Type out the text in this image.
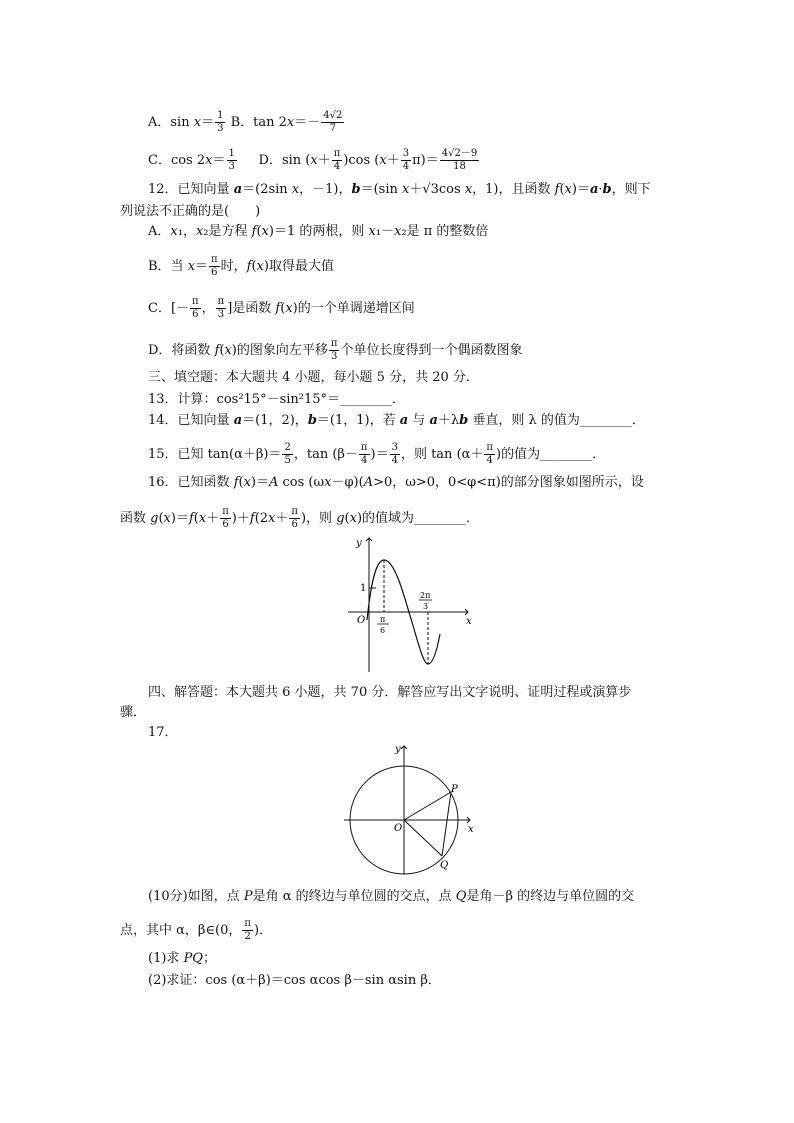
A．$\sin x= \frac{1}{3}$ B．$\tan 2x=- \frac{4√2}{7}$
C．$\cos 2x= \frac{1}{3}$ D．$\sin (x+ \frac{\pi}{4} )\cos$ $(x+ \frac{3}{4} \pi)= \frac{4√2-9}{18}$
12．已知向量 a＝(2sin x，－1)，b＝(sin x＋√3cos x，1)，且函数 f(x)＝a·b，则下
列说法不正确的是(　　)
A．x₁，x₂是方程 f(x)＝1 的两根，则 x₁－x₂是 π 的整数倍
B．当 $x= \frac{\pi}{6}$ 时，f(x)取得最大值
C．[－ $\frac{\pi}{6}$ ， $\frac{\pi}{3}$ ]是函数 f(x)的一个单调递增区间
D．将函数 f(x)的图象向左平移 $\frac{\pi}{3}$ 个单位长度得到一个偶函数图象
三、填空题：本大题共 4 小题，每小题 5 分，共 20 分．
13．计算：cos²15°－sin²15°＝________．
14．已知向量 a＝(1，2)，b＝(1，1)，若 a 与 a＋λb 垂直，则 λ 的值为________．
15．已知 $\tan(\alpha+\beta)= \frac{2}{5}$ ，$\tan (\beta- \frac{\pi}{4}$ )＝ $\frac{3}{4}$ ，则 $\tan (\alpha+ \frac{\pi}{4}$ )的值为________．
16．已知函数 f(x)＝A cos (ωx－φ)(A>0，ω>0，0<φ<π)的部分图象如图所示，设
函数 $g(x)=f(x+ \frac{\pi}{6} )+f(2x+ \frac{\pi}{6}$ )，则 g(x)的值域为________．
y
x
O
1
π
6
2π
3
四、解答题：本大题共 6 小题，共 70 分．解答应写出文字说明、证明过程或演算步
骤．
17．
y
x
O
P
Q
(10分)如图，点 P是角 α 的终边与单位圆的交点，点 Q是角－β 的终边与单位圆的交
点，其中 α，β∈(0， $\frac{\pi}{2}$ )．
(1)求 PQ；
(2)求证：cos (α＋β)＝cos αcos β－sin αsin β．
